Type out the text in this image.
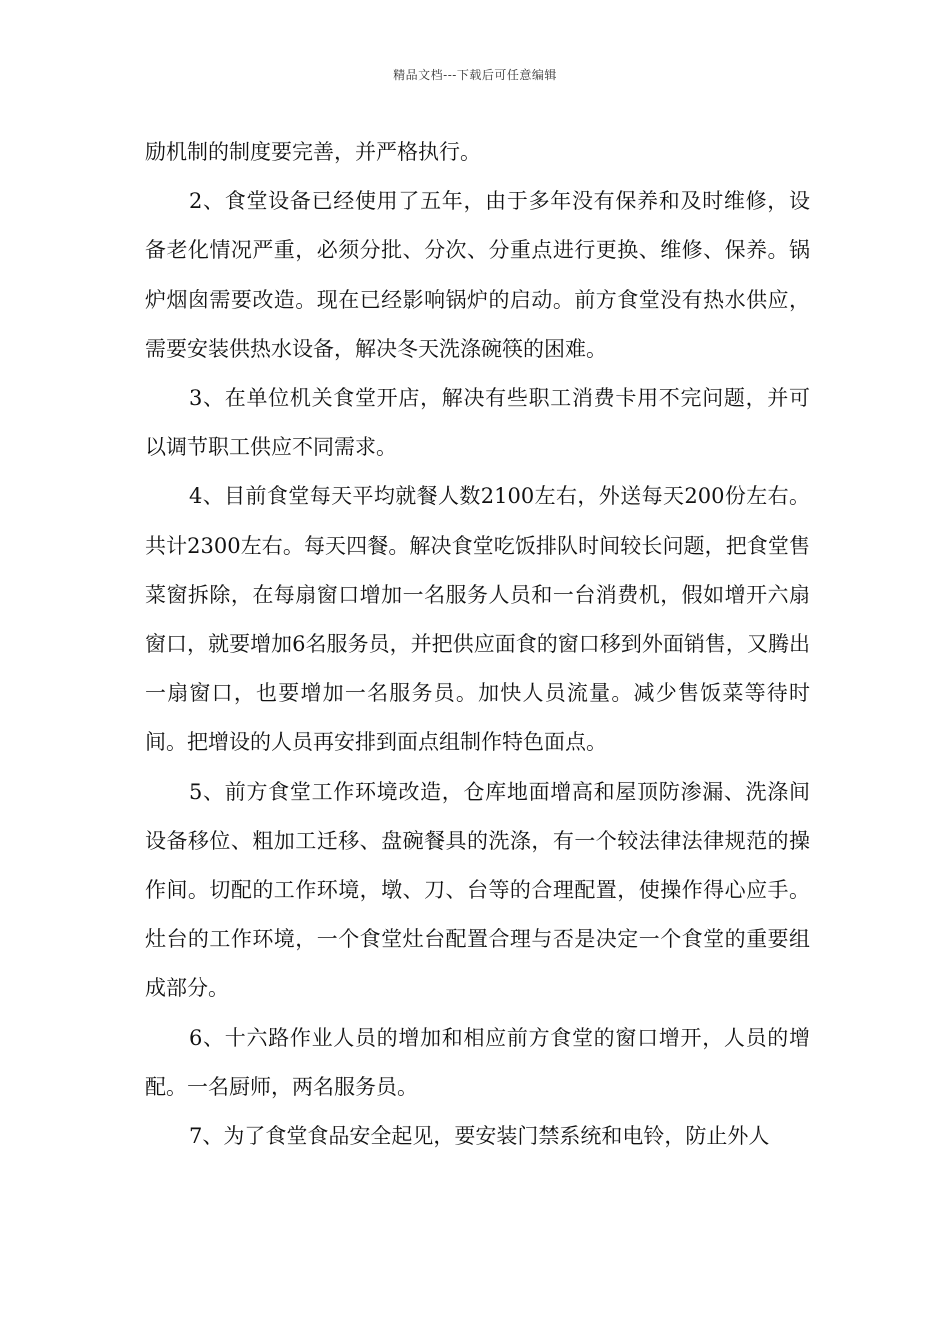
精品文档---下载后可任意编辑

励机制的制度要完善，并严格执行。

2、食堂设备已经使用了五年，由于多年没有保养和及时维修，设备老化情况严重，必须分批、分次、分重点进行更换、维修、保养。锅炉烟囱需要改造。现在已经影响锅炉的启动。前方食堂没有热水供应，需要安装供热水设备，解决冬天洗涤碗筷的困难。

3、在单位机关食堂开店，解决有些职工消费卡用不完问题，并可以调节职工供应不同需求。

4、目前食堂每天平均就餐人数2100左右，外送每天200份左右。共计2300左右。每天四餐。解决食堂吃饭排队时间较长问题，把食堂售菜窗拆除，在每扇窗口增加一名服务人员和一台消费机，假如增开六扇窗口，就要增加6名服务员，并把供应面食的窗口移到外面销售，又腾出一扇窗口，也要增加一名服务员。加快人员流量。减少售饭菜等待时间。把增设的人员再安排到面点组制作特色面点。

5、前方食堂工作环境改造，仓库地面增高和屋顶防渗漏、洗涤间设备移位、粗加工迁移、盘碗餐具的洗涤，有一个较法律法律规范的操作间。切配的工作环境，墩、刀、台等的合理配置，使操作得心应手。灶台的工作环境，一个食堂灶台配置合理与否是决定一个食堂的重要组成部分。

6、十六路作业人员的增加和相应前方食堂的窗口增开，人员的增配。一名厨师，两名服务员。

7、为了食堂食品安全起见，要安装门禁系统和电铃，防止外人
